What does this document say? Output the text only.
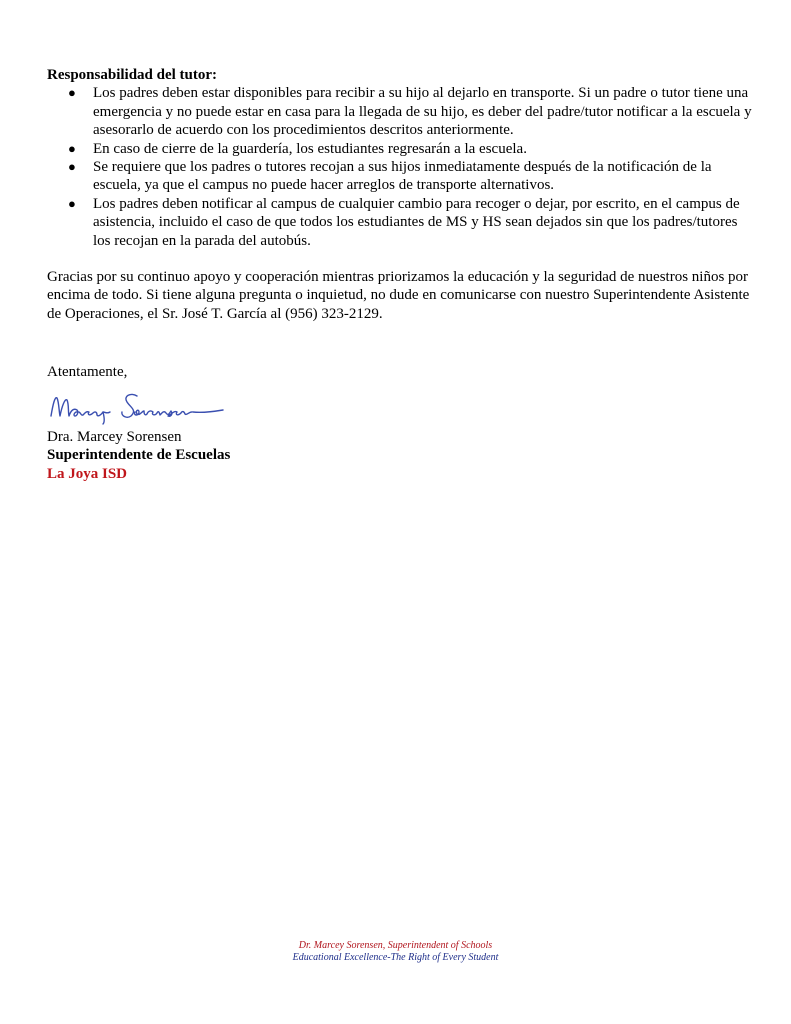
Responsabilidad del tutor:

● Los padres deben estar disponibles para recibir a su hijo al dejarlo en transporte. Si un padre o tutor tiene una emergencia y no puede estar en casa para la llegada de su hijo, es deber del padre/tutor notificar a la escuela y asesorarlo de acuerdo con los procedimientos descritos anteriormente.
● En caso de cierre de la guardería, los estudiantes regresarán a la escuela.
● Se requiere que los padres o tutores recojan a sus hijos inmediatamente después de la notificación de la escuela, ya que el campus no puede hacer arreglos de transporte alternativos.
● Los padres deben notificar al campus de cualquier cambio para recoger o dejar, por escrito, en el campus de asistencia, incluido el caso de que todos los estudiantes de MS y HS sean dejados sin que los padres/tutores los recojan en la parada del autobús.

Gracias por su continuo apoyo y cooperación mientras priorizamos la educación y la seguridad de nuestros niños por encima de todo. Si tiene alguna pregunta o inquietud, no dude en comunicarse con nuestro Superintendente Asistente de Operaciones, el Sr. José T. García al (956) 323-2129.

Atentamente,

Dra. Marcey Sorensen

Superintendente de Escuelas

La Joya ISD

Dr. Marcey Sorensen, Superintendent of Schools
Educational Excellence-The Right of Every Student
